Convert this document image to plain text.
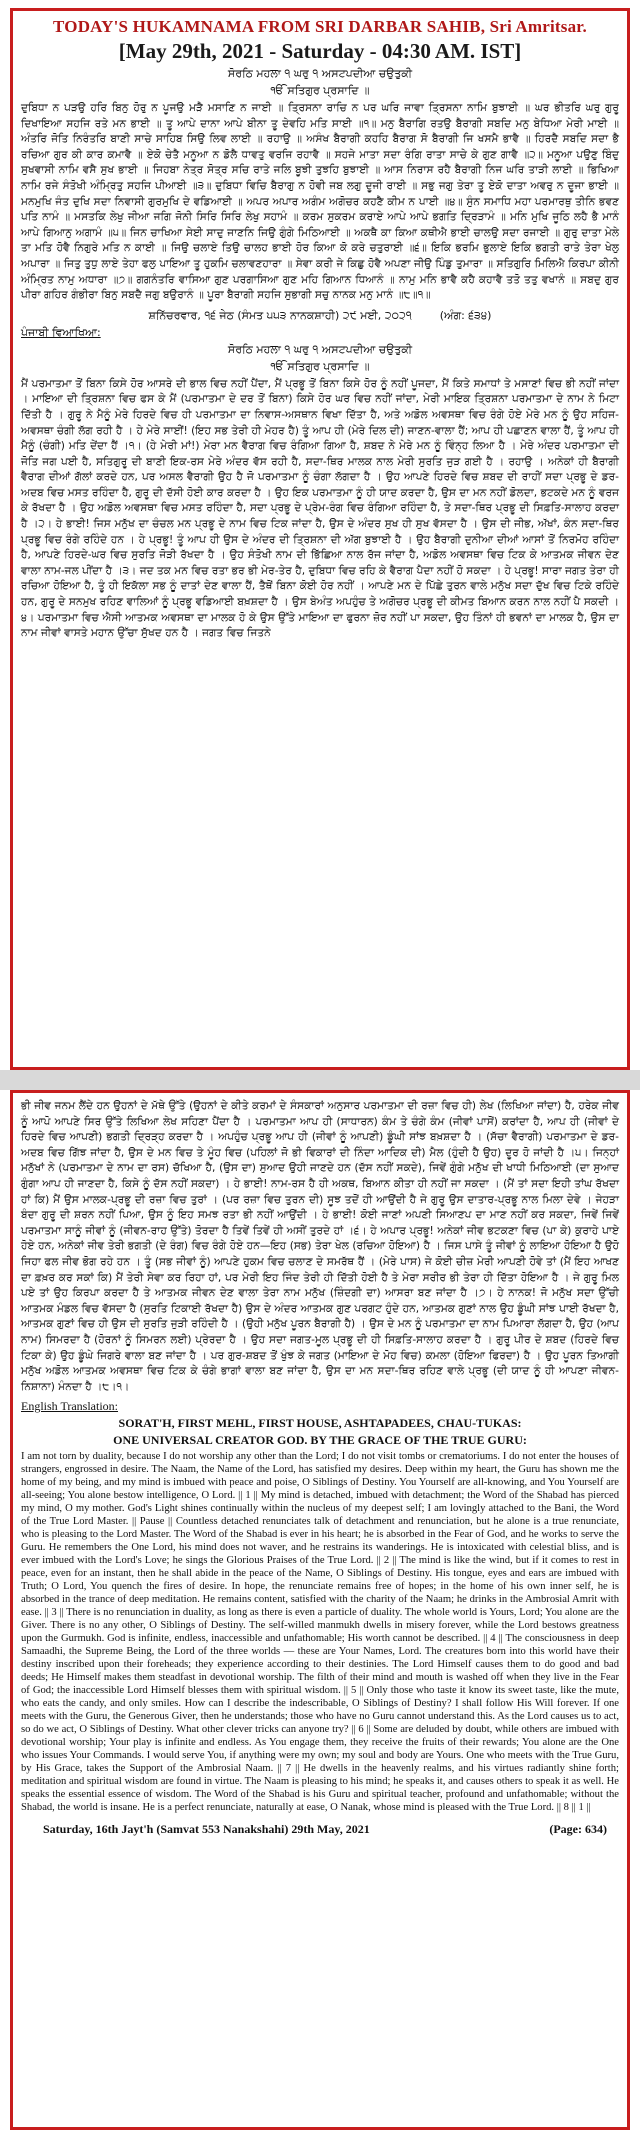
TODAY'S HUKAMNAMA FROM SRI DARBAR SAHIB, Sri Amritsar.
[May 29th, 2021 - Saturday - 04:30 AM. IST]
ਸੋਰਠਿ ਮਹਲਾ ੧ ਘਰੁ ੧ ਅਸਟਪਦੀਆ ਚਉਤੁਕੀ
ੴ ਸਤਿਗੁਰ ਪ੍ਰਸਾਦਿ ॥
ਦੁਬਿਧਾ ਨ ਪੜਉ ਹਰਿ ਬਿਨੁ ਹੋਰੁ ਨ ਪੂਜਉ ਮੜੈ ਮਸਾਣਿ ਨ ਜਾਈ ॥ ਤ੍ਰਿਸਨਾ ਰਾਚਿ ਨ ਪਰ ਘਰਿ ਜਾਵਾ ਤ੍ਰਿਸਨਾ ਨਾਮਿ ਬੁਝਾਈ ॥ ਘਰ ਭੀਤਰਿ ਘਰੁ ਗੁਰੂ ਦਿਖਾਇਆ ਸਹਜਿ ਰਤੇ ਮਨ ਭਾਈ ॥ ਤੂ ਆਪੇ ਦਾਨਾ ਆਪੇ ਬੀਨਾ ਤੂ ਦੇਵਹਿ ਮਤਿ ਸਾਈ ॥੧॥ ਮਨੁ ਬੈਰਾਗਿ ਰਤਉ ਬੈਰਾਗੀ ਸਬਦਿ ਮਨੁ ਬੇਧਿਆ ਮੇਰੀ ਮਾਈ ॥ ਅੰਤਰਿ ਜੋਤਿ ਨਿਰੰਤਰਿ ਬਾਣੀ ਸਾਚੇ ਸਾਹਿਬ ਸਿਉ ਲਿਵ ਲਾਈ ॥ ਰਹਾਉ ॥ ਅਸੰਖ ਬੈਰਾਗੀ ਕਹਹਿ ਬੈਰਾਗ ਸੋ ਬੈਰਾਗੀ ਜਿ ਖਸਮੈ ਭਾਵੈ ॥ ਹਿਰਦੈ ਸਬਦਿ ਸਦਾ ਭੈ ਰਚਿਆ ਗੁਰ ਕੀ ਕਾਰ ਕਮਾਵੈ ॥ ਏਕੋ ਚੇਤੈ ਮਨੂਆ ਨ ਡੋਲੈ ਧਾਵਤੁ ਵਰਜਿ ਰਹਾਵੈ ॥ ਸਹਜੇ ਮਾਤਾ ਸਦਾ ਰੰਗਿ ਰਾਤਾ ਸਾਚੇ ਕੇ ਗੁਣ ਗਾਵੈ ॥੨॥ ਮਨੂਆ ਪਉਣੁ ਬਿੰਦੁ ਸੁਖਵਾਸੀ ਨਾਮਿ ਵਸੈ ਸੁਖ ਭਾਈ ॥ ਜਿਹਬਾ ਨੇਤ੍ਰ ਸੋਤ੍ਰ ਸਚਿ ਰਾਤੇ ਜਲਿ ਬੂਝੀ ਤੁਝਹਿ ਬੁਝਾਈ ॥ ਆਸ ਨਿਰਾਸ ਰਹੈ ਬੈਰਾਗੀ ਨਿਜ ਘਰਿ ਤਾੜੀ ਲਾਈ ॥ ਭਿਖਿਆ ਨਾਮਿ ਰਜੇ ਸੰਤੋਖੀ ਅੰਮ੍ਰਿਤੁ ਸਹਜਿ ਪੀਆਈ ॥੩॥ ਦੁਬਿਧਾ ਵਿਚਿ ਬੈਰਾਗੁ ਨ ਹੋਵੀ ਜਬ ਲਗੁ ਦੂਜੀ ਰਾਈ ॥ ਸਭੁ ਜਗੁ ਤੇਰਾ ਤੂ ਏਕੋ ਦਾਤਾ ਅਵਰੁ ਨ ਦੂਜਾ ਭਾਈ ॥ ਮਨਮੁਖਿ ਜੰਤ ਦੁਖਿ ਸਦਾ ਨਿਵਾਸੀ ਗੁਰਮੁਖਿ ਦੇ ਵਡਿਆਈ ॥ ਅਪਰ ਅਪਾਰ ਅਗੰਮ ਅਗੋਚਰ ਕਹਣੈ ਕੀਮ ਨ ਪਾਈ ॥੪॥ ਸੁੰਨ ਸਮਾਧਿ ਮਹਾ ਪਰਮਾਰਥੁ ਤੀਨਿ ਭਵਣ ਪਤਿ ਨਾਮੰ ॥ ਮਸਤਕਿ ਲੇਖੁ ਜੀਆ ਜਗਿ ਜੋਨੀ ਸਿਰਿ ਸਿਰਿ ਲੇਖੁ ਸਹਾਮੰ ॥ ਕਰਮ ਸੁਕਰਮ ਕਰਾਏ ਆਪੇ ਆਪੇ ਭਗਤਿ ਦ੍ਰਿੜਾਮੰ ॥ ਮਨਿ ਮੁਖਿ ਜੂਠਿ ਲਹੈ ਭੈ ਮਾਨੰ ਆਪੇ ਗਿਆਨੁ ਅਗਾਮੰ ॥੫॥ ਜਿਨ ਚਾਖਿਆ ਸੇਈ ਸਾਦੁ ਜਾਣਨਿ ਜਿਉ ਗੁੰਗੇ ਮਿਠਿਆਈ ॥ ਅਕਥੈ ਕਾ ਕਿਆ ਕਥੀਐ ਭਾਈ ਚਾਲਉ ਸਦਾ ਰਜਾਈ ॥ ਗੁਰੁ ਦਾਤਾ ਮੇਲੇ ਤਾ ਮਤਿ ਹੋਵੈ ਨਿਗੁਰੇ ਮਤਿ ਨ ਕਾਈ ॥ ਜਿਉ ਚਲਾਏ ਤਿਉ ਚਾਲਹ ਭਾਈ ਹੋਰ ਕਿਆ ਕੋ ਕਰੇ ਚਤੁਰਾਈ ॥੬॥ ਇਕਿ ਭਰਮਿ ਭੁਲਾਏ ਇਕਿ ਭਗਤੀ ਰਾਤੇ ਤੇਰਾ ਖੇਲੁ ਅਪਾਰਾ ॥ ਜਿਤੁ ਤੁਧੁ ਲਾਏ ਤੇਹਾ ਫਲੁ ਪਾਇਆ ਤੂ ਹੁਕਮਿ ਚਲਾਵਣਹਾਰਾ ॥ ਸੇਵਾ ਕਰੀ ਜੇ ਕਿਛੁ ਹੋਵੈ ਅਪਣਾ ਜੀਉ ਪਿੰਡੁ ਤੁਮਾਰਾ ॥ ਸਤਿਗੁਰਿ ਮਿਲਿਐ ਕਿਰਪਾ ਕੀਨੀ ਅੰਮ੍ਰਿਤ ਨਾਮੁ ਅਧਾਰਾ ॥੭॥ ਗਗਨੰਤਰਿ ਵਾਸਿਆ ਗੁਣ ਪਰਗਾਸਿਆ ਗੁਣ ਮਹਿ ਗਿਆਨ ਧਿਆਨੰ ॥ ਨਾਮੁ ਮਨਿ ਭਾਵੈ ਕਹੈ ਕਹਾਵੈ ਤਤੋ ਤਤੁ ਵਖਾਨੰ ॥ ਸਬਦੁ ਗੁਰ ਪੀਰਾ ਗਹਿਰ ਗੰਭੀਰਾ ਬਿਨੁ ਸਬਦੈ ਜਗੁ ਬਉਰਾਨੰ ॥ ਪੂਰਾ ਬੈਰਾਗੀ ਸਹਜਿ ਸੁਭਾਗੀ ਸਚੁ ਨਾਨਕ ਮਨੁ ਮਾਨੰ ॥੮॥੧॥
ਸ਼ਨਿੱਚਰਵਾਰ, ੧੬ ਜੇਠ (ਸੰਮਤ ੫੫੩ ਨਾਨਕਸ਼ਾਹੀ) ੨੯ ਮਈ, ੨੦੨੧	(ਅੰਗ: ੬੩੪)
ਪੰਜਾਬੀ ਵਿਆਖਿਆ:
ਸੋਰਠਿ ਮਹਲਾ ੧ ਘਰੁ ੧ ਅਸਟਪਦੀਆ ਚਉਤੁਕੀ
ੴ ਸਤਿਗੁਰ ਪ੍ਰਸਾਦਿ ॥
ਮੈਂ ਪਰਮਾਤਮਾ ਤੋਂ ਬਿਨਾ ਕਿਸੇ ਹੋਰ ਆਸਰੇ ਦੀ ਭਾਲ ਵਿਚ ਨਹੀਂ ਪੈਂਦਾ, ਮੈਂ ਪ੍ਰਭੂ ਤੋਂ ਬਿਨਾ ਕਿਸੇ ਹੋਰ ਨੂੰ ਨਹੀਂ ਪੂਜਦਾ, ਮੈਂ ਕਿਤੇ ਸਮਾਧਾਂ ਤੇ ਮਸਾਣਾਂ ਵਿਚ ਭੀ ਨਹੀਂ ਜਾਂਦਾ । ਮਾਇਆ ਦੀ ਤ੍ਰਿਸ਼ਨਾ ਵਿਚ ਫਸ ਕੇ ਮੈਂ (ਪਰਮਾਤਮਾ ਦੇ ਦਰ ਤੋਂ ਬਿਨਾ) ਕਿਸੇ ਹੋਰ ਘਰ ਵਿਚ ਨਹੀਂ ਜਾਂਦਾ, ਮੇਰੀ ਮਾਇਕ ਤ੍ਰਿਸ਼ਨਾ ਪਰਮਾਤਮਾ ਦੇ ਨਾਮ ਨੇ ਮਿਟਾ ਦਿੱਤੀ ਹੈ । ਗੁਰੂ ਨੇ ਮੈਨੂੰ ਮੇਰੇ ਹਿਰਦੇ ਵਿਚ ਹੀ ਪਰਮਾਤਮਾ ਦਾ ਨਿਵਾਸ-ਅਸਥਾਨ ਵਿਖਾ ਦਿੱਤਾ ਹੈ, ਅਤੇ ਅਡੋਲ ਅਵਸਥਾ ਵਿਚ ਰੰਗੇ ਹੋਏ ਮੇਰੇ ਮਨ ਨੂੰ ਉਹ ਸਹਿਜ-ਅਵਸਥਾ ਚੰਗੀ ਲੱਗ ਰਹੀ ਹੈ । ਹੇ ਮੇਰੇ ਸਾਈਂ! (ਇਹ ਸਭ ਤੇਰੀ ਹੀ ਮੇਹਰ ਹੈ) ਤੂੰ ਆਪ ਹੀ (ਮੇਰੇ ਦਿਲ ਦੀ) ਜਾਣਨ-ਵਾਲਾ ਹੈਂ; ਆਪ ਹੀ ਪਛਾਣਨ ਵਾਲਾ ਹੈਂ, ਤੂੰ ਆਪ ਹੀ ਮੈਨੂੰ (ਚੰਗੀ) ਮਤਿ ਦੇਂਦਾ ਹੈਂ ।੧। (ਹੇ ਮੇਰੀ ਮਾਂ!) ਮੇਰਾ ਮਨ ਵੈਰਾਗ ਵਿਚ ਰੰਗਿਆ ਗਿਆ ਹੈ, ਸ਼ਬਦ ਨੇ ਮੇਰੇ ਮਨ ਨੂੰ ਵਿੰਨ੍ਹ ਲਿਆ ਹੈ । ਮੇਰੇ ਅੰਦਰ ਪਰਮਾਤਮਾ ਦੀ ਜੋਤਿ ਜਗ ਪਈ ਹੈ, ਸਤਿਗੁਰੂ ਦੀ ਬਾਣੀ ਇਕ-ਰਸ ਮੇਰੇ ਅੰਦਰ ਵੱਸ ਰਹੀ ਹੈ, ਸਦਾ-ਥਿਰ ਮਾਲਕ ਨਾਲ ਮੇਰੀ ਸੁਰਤਿ ਜੁੜ ਗਈ ਹੈ । ਰਹਾਉ । ਅਨੇਕਾਂ ਹੀ ਬੈਰਾਗੀ ਵੈਰਾਗ ਦੀਆਂ ਗੱਲਾਂ ਕਰਦੇ ਹਨ, ਪਰ ਅਸਲ ਵੈਰਾਗੀ ਉਹ ਹੈ ਜੋ ਪਰਮਾਤਮਾ ਨੂੰ ਚੰਗਾ ਲੱਗਦਾ ਹੈ । ਉਹ ਆਪਣੇ ਹਿਰਦੇ ਵਿਚ ਸ਼ਬਦ ਦੀ ਰਾਹੀਂ ਸਦਾ ਪ੍ਰਭੂ ਦੇ ਡਰ-ਅਦਬ ਵਿਚ ਮਸਤ ਰਹਿੰਦਾ ਹੈ, ਗੁਰੂ ਦੀ ਦੱਸੀ ਹੋਈ ਕਾਰ ਕਰਦਾ ਹੈ । ਉਹ ਇਕ ਪਰਮਾਤਮਾ ਨੂੰ ਹੀ ਯਾਦ ਕਰਦਾ ਹੈ, ਉਸ ਦਾ ਮਨ ਨਹੀਂ ਡੋਲਦਾ, ਭਟਕਦੇ ਮਨ ਨੂੰ ਵਰਜ ਕੇ ਰੱਖਦਾ ਹੈ । ਉਹ ਅਡੋਲ ਅਵਸਥਾ ਵਿਚ ਮਸਤ ਰਹਿੰਦਾ ਹੈ, ਸਦਾ ਪ੍ਰਭੂ ਦੇ ਪ੍ਰੇਮ-ਰੰਗ ਵਿਚ ਰੰਗਿਆ ਰਹਿੰਦਾ ਹੈ, ਤੇ ਸਦਾ-ਥਿਰ ਪ੍ਰਭੂ ਦੀ ਸਿਫ਼ਤਿ-ਸਾਲਾਹ ਕਰਦਾ ਹੈ ।੨। ਹੇ ਭਾਈ! ਜਿਸ ਮਨੁੱਖ ਦਾ ਚੰਚਲ ਮਨ ਪ੍ਰਭੂ ਦੇ ਨਾਮ ਵਿਚ ਟਿਕ ਜਾਂਦਾ ਹੈ, ਉਸ ਦੇ ਅੰਦਰ ਸੁਖ ਹੀ ਸੁਖ ਵੱਸਦਾ ਹੈ । ਉਸ ਦੀ ਜੀਭ, ਅੱਖਾਂ, ਕੰਨ ਸਦਾ-ਥਿਰ ਪ੍ਰਭੂ ਵਿਚ ਰੰਗੇ ਰਹਿੰਦੇ ਹਨ । ਹੇ ਪ੍ਰਭੂ! ਤੂੰ ਆਪ ਹੀ ਉਸ ਦੇ ਅੰਦਰ ਦੀ ਤ੍ਰਿਸ਼ਨਾ ਦੀ ਅੱਗ ਬੁਝਾਈ ਹੈ । ਉਹ ਬੈਰਾਗੀ ਦੁਨੀਆ ਦੀਆਂ ਆਸਾਂ ਤੋਂ ਨਿਰਮੋਹ ਰਹਿੰਦਾ ਹੈ, ਆਪਣੇ ਹਿਰਦੇ-ਘਰ ਵਿਚ ਸੁਰਤਿ ਜੋੜੀ ਰੱਖਦਾ ਹੈ । ਉਹ ਸੰਤੋਖੀ ਨਾਮ ਦੀ ਭਿੱਛਿਆ ਨਾਲ ਰੱਜ ਜਾਂਦਾ ਹੈ, ਅਡੋਲ ਅਵਸਥਾ ਵਿਚ ਟਿਕ ਕੇ ਆਤਮਕ ਜੀਵਨ ਦੇਣ ਵਾਲਾ ਨਾਮ-ਜਲ ਪੀਂਦਾ ਹੈ ।੩। ਜਦ ਤਕ ਮਨ ਵਿਚ ਰਤਾ ਭਰ ਭੀ ਮੇਰ-ਤੇਰ ਹੈ, ਦੁਬਿਧਾ ਵਿਚ ਰਹਿ ਕੇ ਵੈਰਾਗ ਪੈਦਾ ਨਹੀਂ ਹੋ ਸਕਦਾ । ਹੇ ਪ੍ਰਭੂ! ਸਾਰਾ ਜਗਤ ਤੇਰਾ ਹੀ ਰਚਿਆ ਹੋਇਆ ਹੈ, ਤੂੰ ਹੀ ਇਕੱਲਾ ਸਭ ਨੂੰ ਦਾਤਾਂ ਦੇਣ ਵਾਲਾ ਹੈਂ, ਤੈਥੋਂ ਬਿਨਾ ਕੋਈ ਹੋਰ ਨਹੀਂ । ਆਪਣੇ ਮਨ ਦੇ ਪਿੱਛੇ ਤੁਰਨ ਵਾਲੇ ਮਨੁੱਖ ਸਦਾ ਦੁੱਖ ਵਿਚ ਟਿਕੇ ਰਹਿੰਦੇ ਹਨ, ਗੁਰੂ ਦੇ ਸਨਮੁਖ ਰਹਿਣ ਵਾਲਿਆਂ ਨੂੰ ਪ੍ਰਭੂ ਵਡਿਆਈ ਬਖ਼ਸ਼ਦਾ ਹੈ । ਉਸ ਬੇਅੰਤ ਅਪਹੁੰਚ ਤੇ ਅਗੋਚਰ ਪ੍ਰਭੂ ਦੀ ਕੀਮਤ ਬਿਆਨ ਕਰਨ ਨਾਲ ਨਹੀਂ ਪੈ ਸਕਦੀ ।੪। ਪਰਮਾਤਮਾ ਵਿਚ ਐਸੀ ਆਤਮਕ ਅਵਸਥਾ ਦਾ ਮਾਲਕ ਹੋ ਕੇ ਉਸ ਉੱਤੇ ਮਾਇਆ ਦਾ ਫੁਰਨਾ ਜ਼ੋਰ ਨਹੀਂ ਪਾ ਸਕਦਾ, ਉਹ ਤਿੰਨਾਂ ਹੀ ਭਵਨਾਂ ਦਾ ਮਾਲਕ ਹੈ, ਉਸ ਦਾ ਨਾਮ ਜੀਵਾਂ ਵਾਸਤੇ ਮਹਾਨ ਉੱਚਾ ਸੁੱਖਦ ਹਨ ਹੈ । ਜਗਤ ਵਿਚ ਜਿਤਨੇ
ਭੀ ਜੀਵ ਜਨਮ ਲੈਂਦੇ ਹਨ ਉਹਨਾਂ ਦੇ ਮੱਥੇ ਉੱਤੇ (ਉਹਨਾਂ ਦੇ ਕੀਤੇ ਕਰਮਾਂ ਦੇ ਸੰਸਕਾਰਾਂ ਅਨੁਸਾਰ ਪਰਮਾਤਮਾ ਦੀ ਰਜ਼ਾ ਵਿਚ ਹੀ) ਲੇਖ (ਲਿਖਿਆ ਜਾਂਦਾ) ਹੈ, ਹਰੇਕ ਜੀਵ ਨੂੰ ਆਪੋ ਆਪਣੇ ਸਿਰ ਉੱਤੇ ਲਿਖਿਆ ਲੇਖ ਸਹਿਣਾ ਪੈਂਦਾ ਹੈ । ਪਰਮਾਤਮਾ ਆਪ ਹੀ (ਸਾਧਾਰਨ) ਕੰਮ ਤੇ ਚੰਗੇ ਕੰਮ (ਜੀਵਾਂ ਪਾਸੋਂ) ਕਰਾਂਦਾ ਹੈ, ਆਪ ਹੀ (ਜੀਵਾਂ ਦੇ ਹਿਰਦੇ ਵਿਚ ਆਪਣੀ) ਭਗਤੀ ਦ੍ਰਿੜ੍ਹ ਕਰਦਾ ਹੈ । ਅਪਹੁੰਚ ਪ੍ਰਭੂ ਆਪ ਹੀ (ਜੀਵਾਂ ਨੂੰ ਆਪਣੀ) ਡੂੰਘੀ ਸਾਂਝ ਬਖ਼ਸ਼ਦਾ ਹੈ । (ਸੱਚਾ ਵੈਰਾਗੀ) ਪਰਮਾਤਮਾ ਦੇ ਡਰ-ਅਦਬ ਵਿਚ ਗਿੱਝ ਜਾਂਦਾ ਹੈ, ਉਸ ਦੇ ਮਨ ਵਿਚ ਤੇ ਮੂੰਹ ਵਿਚ (ਪਹਿਲਾਂ ਜੋ ਭੀ ਵਿਕਾਰਾਂ ਦੀ ਨਿੰਦਾ ਆਦਿਕ ਦੀ) ਮੈਲ (ਹੁੰਦੀ ਹੈ ਉਹ) ਦੂਰ ਹੋ ਜਾਂਦੀ ਹੈ ।੫। ਜਿਨ੍ਹਾਂ ਮਨੁੱਖਾਂ ਨੇ (ਪਰਮਾਤਮਾ ਦੇ ਨਾਮ ਦਾ ਰਸ) ਚੱਖਿਆ ਹੈ, (ਉਸ ਦਾ) ਸੁਆਦ ਉਹੀ ਜਾਣਦੇ ਹਨ (ਦੱਸ ਨਹੀਂ ਸਕਦੇ), ਜਿਵੇਂ ਗੁੰਗੇ ਮਨੁੱਖ ਦੀ ਖਾਧੀ ਮਿਠਿਆਈ (ਦਾ ਸੁਆਦ ਗੁੰਗਾ ਆਪ ਹੀ ਜਾਣਦਾ ਹੈ, ਕਿਸੇ ਨੂੰ ਦੱਸ ਨਹੀਂ ਸਕਦਾ) । ਹੇ ਭਾਈ! ਨਾਮ-ਰਸ ਹੈ ਹੀ ਅਕਥ, ਬਿਆਨ ਕੀਤਾ ਹੀ ਨਹੀਂ ਜਾ ਸਕਦਾ । (ਮੈਂ ਤਾਂ ਸਦਾ ਇਹੀ ਤਾਂਘ ਰੱਖਦਾ ਹਾਂ ਕਿ) ਮੈਂ ਉਸ ਮਾਲਕ-ਪ੍ਰਭੂ ਦੀ ਰਜ਼ਾ ਵਿਚ ਤੁਰਾਂ । (ਪਰ ਰਜ਼ਾ ਵਿਚ ਤੁਰਨ ਦੀ) ਸੂਝ ਤਦੋਂ ਹੀ ਆਉਂਦੀ ਹੈ ਜੇ ਗੁਰੂ ਉਸ ਦਾਤਾਰ-ਪ੍ਰਭੂ ਨਾਲ ਮਿਲਾ ਦੇਵੇ । ਜੇਹੜਾ ਬੰਦਾ ਗੁਰੂ ਦੀ ਸ਼ਰਨ ਨਹੀਂ ਪਿਆ, ਉਸ ਨੂੰ ਇਹ ਸਮਝ ਰਤਾ ਭੀ ਨਹੀਂ ਆਉਂਦੀ । ਹੇ ਭਾਈ! ਕੋਈ ਜਾਣਾਂ ਅਪਣੀ ਸਿਆਣਪ ਦਾ ਮਾਣ ਨਹੀਂ ਕਰ ਸਕਦਾ, ਜਿਵੇਂ ਜਿਵੇਂ ਪਰਮਾਤਮਾ ਸਾਨੂੰ ਜੀਵਾਂ ਨੂੰ (ਜੀਵਨ-ਰਾਹ ਉੱਤੇ) ਤੋਰਦਾ ਹੈ ਤਿਵੇਂ ਤਿਵੇਂ ਹੀ ਅਸੀਂ ਤੁਰਦੇ ਹਾਂ ।੬। ਹੇ ਅਪਾਰ ਪ੍ਰਭੂ! ਅਨੇਕਾਂ ਜੀਵ ਭਟਕਣਾ ਵਿਚ (ਪਾ ਕੇ) ਕੁਰਾਹੇ ਪਾਏ ਹੋਏ ਹਨ, ਅਨੇਕਾਂ ਜੀਵ ਤੇਰੀ ਭਗਤੀ (ਦੇ ਰੰਗ) ਵਿਚ ਰੰਗੇ ਹੋਏ ਹਨ—ਇਹ (ਸਭ) ਤੇਰਾ ਖੇਲ (ਰਚਿਆ ਹੋਇਆ) ਹੈ । ਜਿਸ ਪਾਸੇ ਤੂੰ ਜੀਵਾਂ ਨੂੰ ਲਾਇਆ ਹੋਇਆ ਹੈ ਉਹੋ ਜਿਹਾ ਫਲ ਜੀਵ ਭੋਗ ਰਹੇ ਹਨ । ਤੂੰ (ਸਭ ਜੀਵਾਂ ਨੂੰ) ਆਪਣੇ ਹੁਕਮ ਵਿਚ ਚਲਾਣ ਦੇ ਸਮਰੱਥ ਹੈਂ । (ਮੇਰੇ ਪਾਸ) ਜੇ ਕੋਈ ਚੀਜ਼ ਮੇਰੀ ਆਪਣੀ ਹੋਵੇ ਤਾਂ (ਮੈਂ ਇਹ ਆਖਣ ਦਾ ਫ਼ਖ਼ਰ ਕਰ ਸਕਾਂ ਕਿ) ਮੈਂ ਤੇਰੀ ਸੇਵਾ ਕਰ ਰਿਹਾ ਹਾਂ, ਪਰ ਮੇਰੀ ਇਹ ਜਿੰਦ ਤੇਰੀ ਹੀ ਦਿੱਤੀ ਹੋਈ ਹੈ ਤੇ ਮੇਰਾ ਸਰੀਰ ਭੀ ਤੇਰਾ ਹੀ ਦਿੱਤਾ ਹੋਇਆ ਹੈ । ਜੇ ਗੁਰੂ ਮਿਲ ਪਏ ਤਾਂ ਉਹ ਕਿਰਪਾ ਕਰਦਾ ਹੈ ਤੇ ਆਤਮਕ ਜੀਵਨ ਦੇਣ ਵਾਲਾ ਤੇਰਾ ਨਾਮ ਮਨੁੱਖ (ਜ਼ਿੰਦਗੀ ਦਾ) ਆਸਰਾ ਬਣ ਜਾਂਦਾ ਹੈ ।੭। ਹੇ ਨਾਨਕ! ਜੋ ਮਨੁੱਖ ਸਦਾ ਉੱਚੀ ਆਤਮਕ ਮੰਡਲ ਵਿਚ ਵੱਸਦਾ ਹੈ (ਸੁਰਤਿ ਟਿਕਾਈ ਰੱਖਦਾ ਹੈ) ਉਸ ਦੇ ਅੰਦਰ ਆਤਮਕ ਗੁਣ ਪਰਗਟ ਹੁੰਦੇ ਹਨ, ਆਤਮਕ ਗੁਣਾਂ ਨਾਲ ਉਹ ਡੂੰਘੀ ਸਾਂਝ ਪਾਈ ਰੱਖਦਾ ਹੈ, ਆਤਮਕ ਗੁਣਾਂ ਵਿਚ ਹੀ ਉਸ ਦੀ ਸੁਰਤਿ ਜੁੜੀ ਰਹਿੰਦੀ ਹੈ । (ਉਹੀ ਮਨੁੱਖ ਪੂਰਨ ਬੈਰਾਗੀ ਹੈ) । ਉਸ ਦੇ ਮਨ ਨੂੰ ਪਰਮਾਤਮਾ ਦਾ ਨਾਮ ਪਿਆਰਾ ਲੱਗਦਾ ਹੈ, ਉਹ (ਆਪ ਨਾਮ) ਸਿਮਰਦਾ ਹੈ (ਹੋਰਨਾਂ ਨੂੰ ਸਿਮਰਨ ਲਈ) ਪ੍ਰੇਰਦਾ ਹੈ । ਉਹ ਸਦਾ ਜਗਤ-ਮੂਲ ਪ੍ਰਭੂ ਦੀ ਹੀ ਸਿਫ਼ਤਿ-ਸਾਲਾਹ ਕਰਦਾ ਹੈ । ਗੁਰੂ ਪੀਰ ਦੇ ਸ਼ਬਦ (ਹਿਰਦੇ ਵਿਚ ਟਿਕਾ ਕੇ) ਉਹ ਡੂੰਘੇ ਜਿਗਰੇ ਵਾਲਾ ਬਣ ਜਾਂਦਾ ਹੈ । ਪਰ ਗੁਰ-ਸ਼ਬਦ ਤੋਂ ਖੁੰਝ ਕੇ ਜਗਤ (ਮਾਇਆ ਦੇ ਮੋਹ ਵਿਚ) ਕਮਲਾ (ਹੋਇਆ ਫਿਰਦਾ) ਹੈ । ਉਹ ਪੂਰਨ ਤਿਆਗੀ ਮਨੁੱਖ ਅਡੋਲ ਆਤਮਕ ਅਵਸਥਾ ਵਿਚ ਟਿਕ ਕੇ ਚੰਗੇ ਭਾਗਾਂ ਵਾਲਾ ਬਣ ਜਾਂਦਾ ਹੈ, ਉਸ ਦਾ ਮਨ ਸਦਾ-ਥਿਰ ਰਹਿਣ ਵਾਲੇ ਪ੍ਰਭੂ (ਦੀ ਯਾਦ ਨੂੰ ਹੀ ਆਪਣਾ ਜੀਵਨ-ਨਿਸ਼ਾਨਾ) ਮੰਨਦਾ ਹੈ ।੮।੧।
English Translation:
SORAT'H, FIRST MEHL, FIRST HOUSE, ASHTAPADEES, CHAU-TUKAS:
ONE UNIVERSAL CREATOR GOD. BY THE GRACE OF THE TRUE GURU:
I am not torn by duality, because I do not worship any other than the Lord; I do not visit tombs or crematoriums. I do not enter the houses of strangers, engrossed in desire. The Naam, the Name of the Lord, has satisfied my desires. Deep within my heart, the Guru has shown me the home of my being, and my mind is imbued with peace and poise, O Siblings of Destiny. You Yourself are all-knowing, and You Yourself are all-seeing; You alone bestow intelligence, O Lord. || 1 || My mind is detached, imbued with detachment; the Word of the Shabad has pierced my mind, O my mother. God's Light shines continually within the nucleus of my deepest self; I am lovingly attached to the Bani, the Word of the True Lord Master. || Pause || Countless detached renunciates talk of detachment and renunciation, but he alone is a true renunciate, who is pleasing to the Lord Master. The Word of the Shabad is ever in his heart; he is absorbed in the Fear of God, and he works to serve the Guru. He remembers the One Lord, his mind does not waver, and he restrains its wanderings. He is intoxicated with celestial bliss, and is ever imbued with the Lord's Love; he sings the Glorious Praises of the True Lord. || 2 || The mind is like the wind, but if it comes to rest in peace, even for an instant, then he shall abide in the peace of the Name, O Siblings of Destiny. His tongue, eyes and ears are imbued with Truth; O Lord, You quench the fires of desire. In hope, the renunciate remains free of hopes; in the home of his own inner self, he is absorbed in the trance of deep meditation. He remains content, satisfied with the charity of the Naam; he drinks in the Ambrosial Amrit with ease. || 3 || There is no renunciation in duality, as long as there is even a particle of duality. The whole world is Yours, Lord; You alone are the Giver. There is no any other, O Siblings of Destiny. The self-willed manmukh dwells in misery forever, while the Lord bestows greatness upon the Gurmukh. God is infinite, endless, inaccessible and unfathomable; His worth cannot be described. || 4 || The consciousness in deep Samaadhi, the Supreme Being, the Lord of the three worlds — these are Your Names, Lord. The creatures born into this world have their destiny inscribed upon their foreheads; they experience according to their destinies. The Lord Himself causes them to do good and bad deeds; He Himself makes them steadfast in devotional worship. The filth of their mind and mouth is washed off when they live in the Fear of God; the inaccessible Lord Himself blesses them with spiritual wisdom. || 5 || Only those who taste it know its sweet taste, like the mute, who eats the candy, and only smiles. How can I describe the indescribable, O Siblings of Destiny? I shall follow His Will forever. If one meets with the Guru, the Generous Giver, then he understands; those who have no Guru cannot understand this. As the Lord causes us to act, so do we act, O Siblings of Destiny. What other clever tricks can anyone try? || 6 || Some are deluded by doubt, while others are imbued with devotional worship; Your play is infinite and endless. As You engage them, they receive the fruits of their rewards; You alone are the One who issues Your Commands. I would serve You, if anything were my own; my soul and body are Yours. One who meets with the True Guru, by His Grace, takes the Support of the Ambrosial Naam. || 7 || He dwells in the heavenly realms, and his virtues radiantly shine forth; meditation and spiritual wisdom are found in virtue. The Naam is pleasing to his mind; he speaks it, and causes others to speak it as well. He speaks the essential essence of wisdom. The Word of the Shabad is his Guru and spiritual teacher, profound and unfathomable; without the Shabad, the world is insane. He is a perfect renunciate, naturally at ease, O Nanak, whose mind is pleased with the True Lord. || 8 || 1 ||
Saturday, 16th Jayt'h (Samvat 553 Nanakshahi) 29th May, 2021	(Page: 634)
